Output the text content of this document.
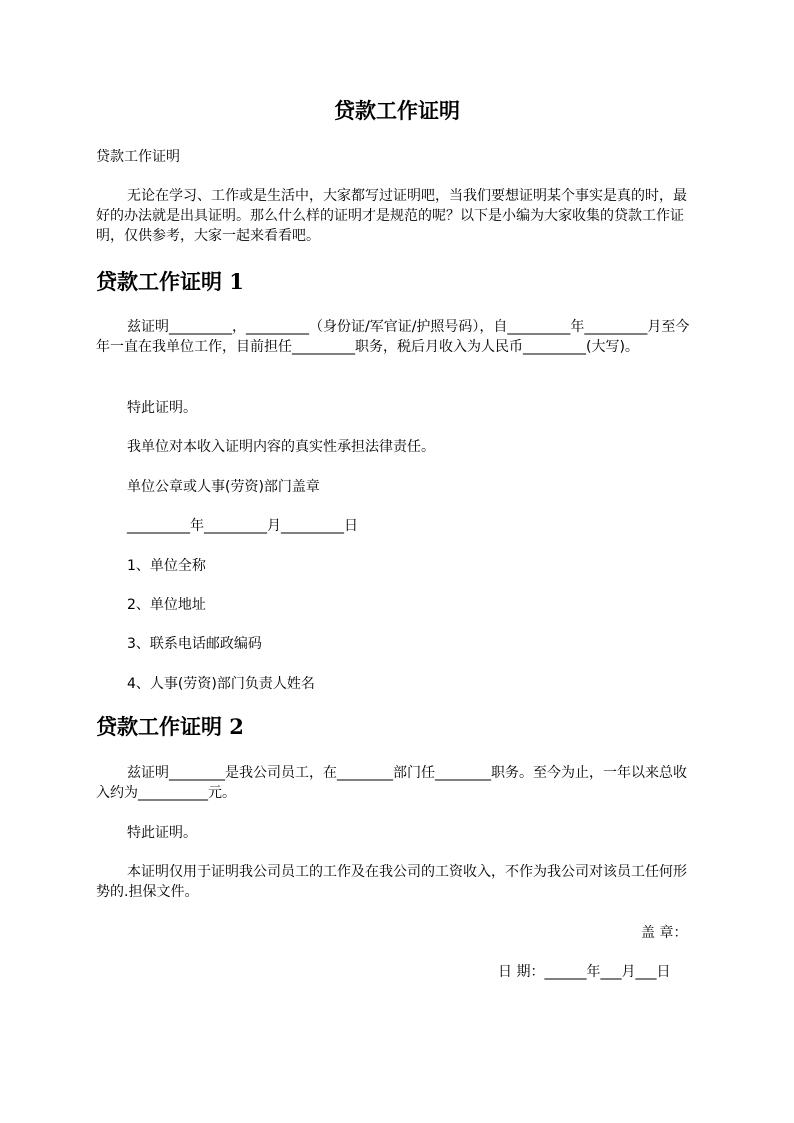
贷款工作证明
贷款工作证明
无论在学习、工作或是生活中，大家都写过证明吧，当我们要想证明某个事实是真的时，最好的办法就是出具证明。那么什么样的证明才是规范的呢？以下是小编为大家收集的贷款工作证明，仅供参考，大家一起来看看吧。
贷款工作证明 1
兹证明_________，_________（身份证/军官证/护照号码），自_________年_________月至今年一直在我单位工作，目前担任_________职务，税后月收入为人民币_________(大写)。
特此证明。
我单位对本收入证明内容的真实性承担法律责任。
单位公章或人事(劳资)部门盖章
_________年_________月_________日
1、单位全称
2、单位地址
3、联系电话邮政编码
4、人事(劳资)部门负责人姓名
贷款工作证明 2
兹证明________是我公司员工，在________部门任________职务。至今为止，一年以来总收入约为__________元。
特此证明。
本证明仅用于证明我公司员工的工作及在我公司的工资收入，不作为我公司对该员工任何形势的.担保文件。
盖 章：
日 期：______年___月___日
